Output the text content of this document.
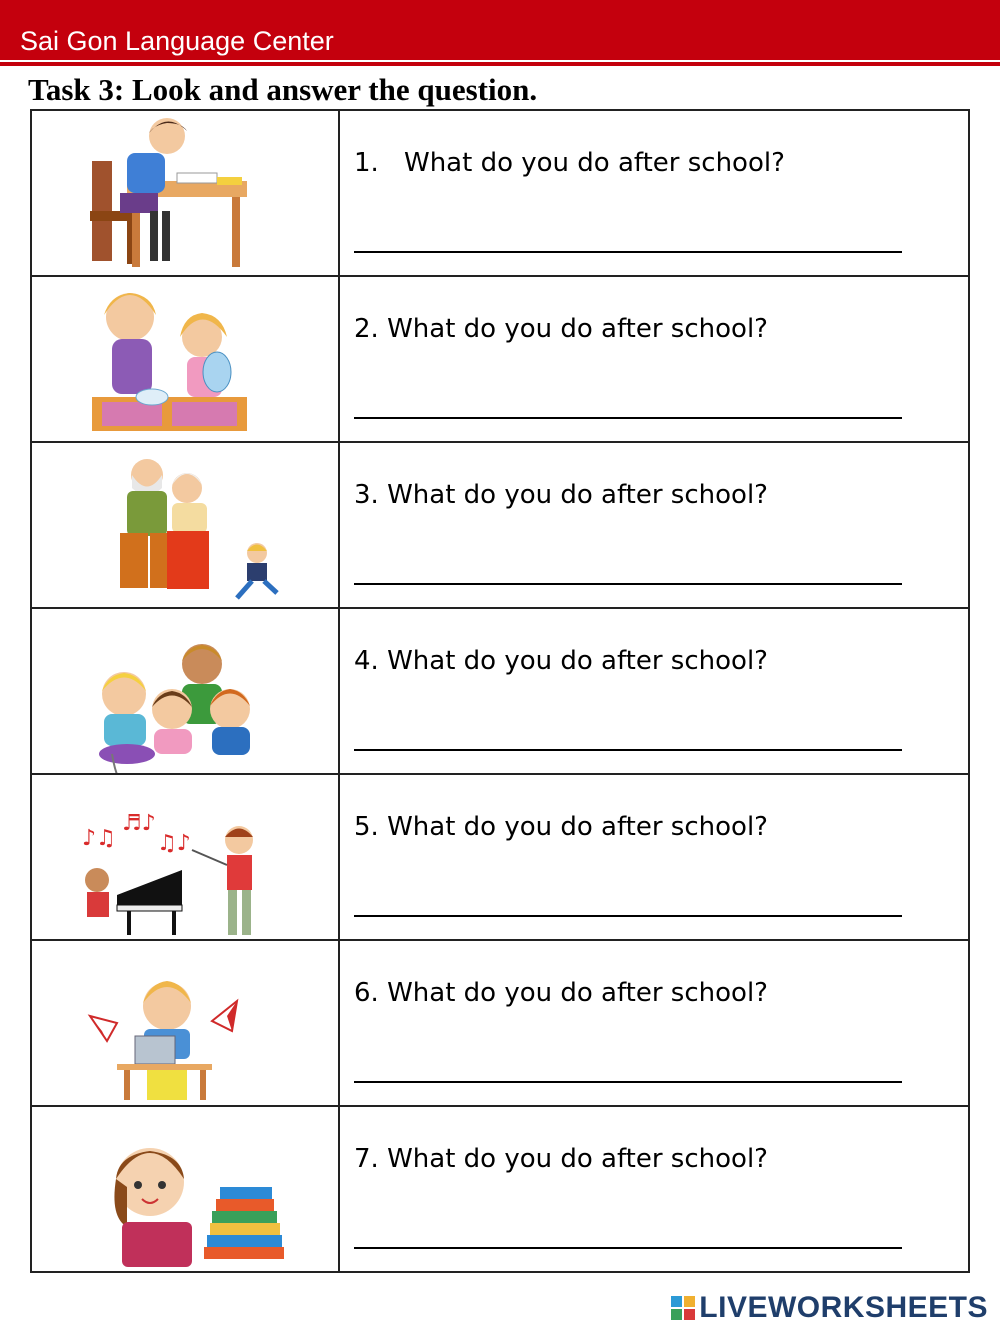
Sai Gon Language Center
Task 3: Look and answer the question.

1. What do you do after school?

2. What do you do after school?

3. What do you do after school?

4. What do you do after school?

♪♫
♬♪
♫♪	5. What do you do after school?

6. What do you do after school?

7. What do you do after school?
LIVEWORKSHEETS
